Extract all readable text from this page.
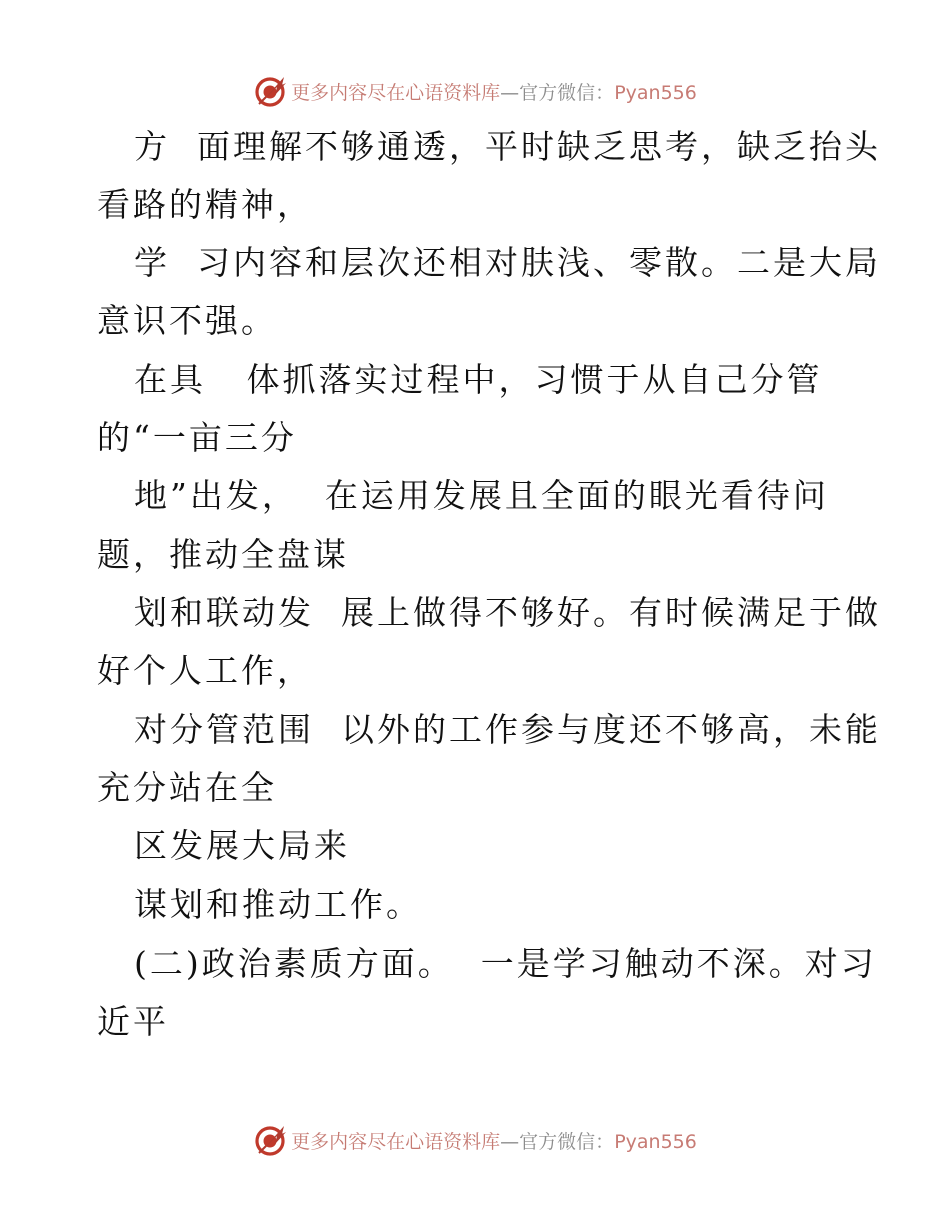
更多内容尽在心语资料库—官方微信：Pyan556
方  面理解不够通透，平时缺乏思考，缺乏抬头
看路的精神，
学  习内容和层次还相对肤浅、零散。二是大局
意识不强。
在具   体抓落实过程中，习惯于从自己分管
的“一亩三分
地”出发，  在运用发展且全面的眼光看待问
题，推动全盘谋
划和联动发  展上做得不够好。有时候满足于做
好个人工作，
对分管范围  以外的工作参与度还不够高，未能
充分站在全
区发展大局来
谋划和推动工作。
(二)政治素质方面。  一是学习触动不深。对习
近平
更多内容尽在心语资料库—官方微信：Pyan556
